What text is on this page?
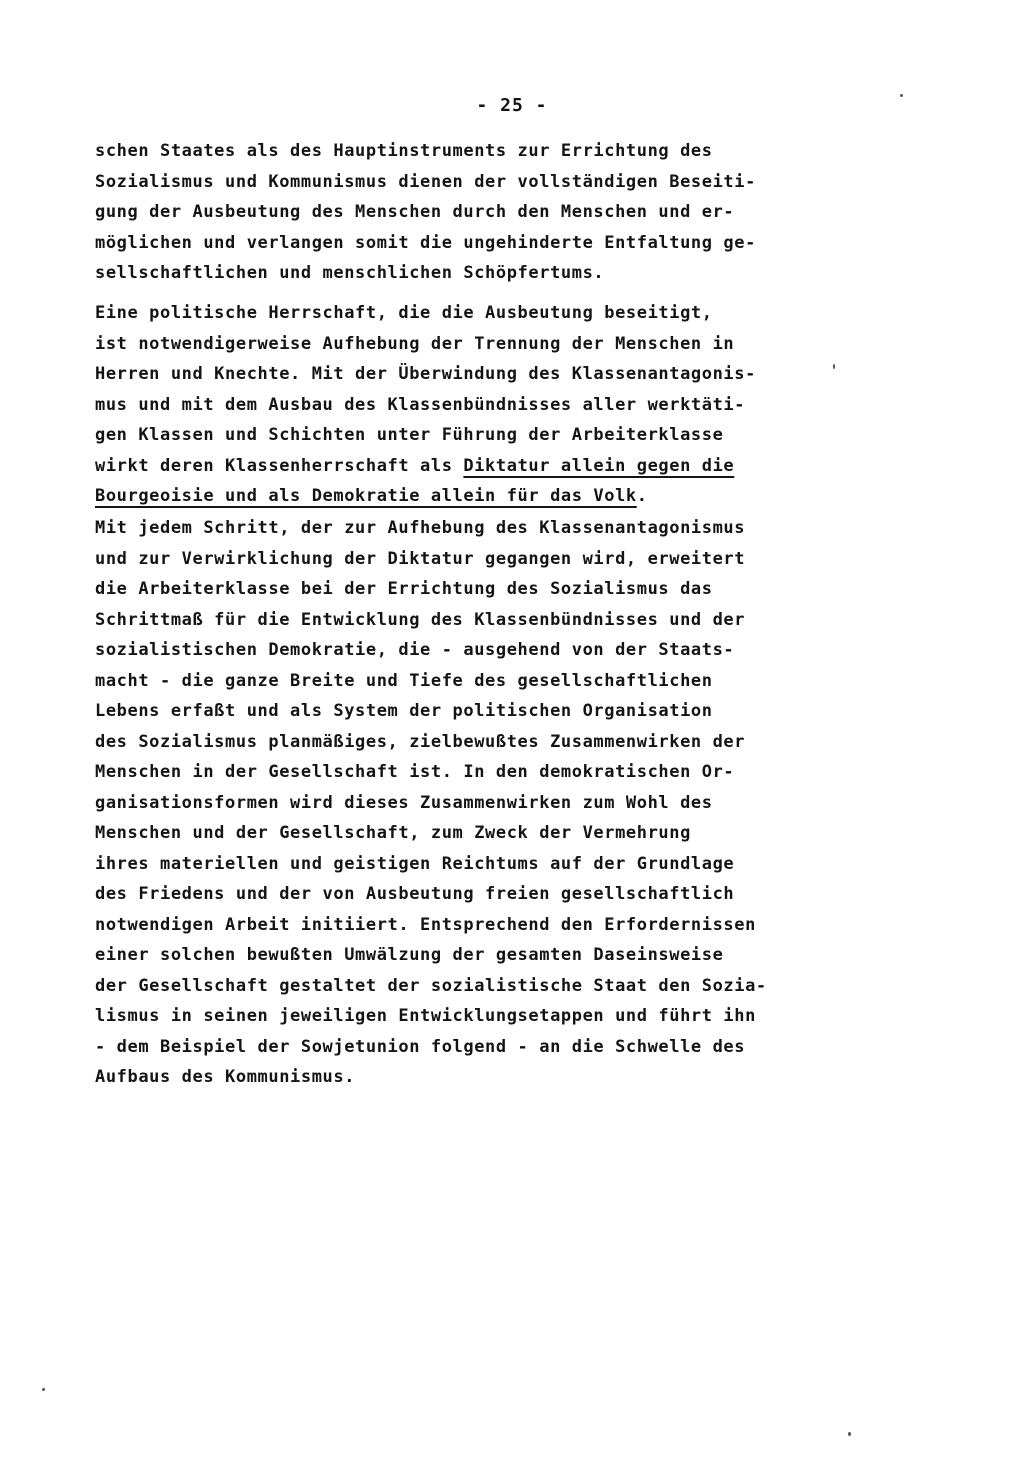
- 25 -
schen Staates als des Hauptinstruments zur Errichtung des
Sozialismus und Kommunismus dienen der vollständigen Beseiti-
gung der Ausbeutung des Menschen durch den Menschen und er-
möglichen und verlangen somit die ungehinderte Entfaltung ge-
sellschaftlichen und menschlichen Schöpfertums.
Eine politische Herrschaft, die die Ausbeutung beseitigt,
ist notwendigerweise Aufhebung der Trennung der Menschen in
Herren und Knechte. Mit der Überwindung des Klassenantagonis-
mus und mit dem Ausbau des Klassenbündnisses aller werktäti-
gen Klassen und Schichten unter Führung der Arbeiterklasse
wirkt deren Klassenherrschaft als Diktatur allein gegen die
Bourgeoisie und als Demokratie allein für das Volk.
Mit jedem Schritt, der zur Aufhebung des Klassenantagonismus
und zur Verwirklichung der Diktatur gegangen wird, erweitert
die Arbeiterklasse bei der Errichtung des Sozialismus das
Schrittmaß für die Entwicklung des Klassenbündnisses und der
sozialistischen Demokratie, die - ausgehend von der Staats-
macht - die ganze Breite und Tiefe des gesellschaftlichen
Lebens erfaßt und als System der politischen Organisation
des Sozialismus planmäßiges, zielbewußtes Zusammenwirken der
Menschen in der Gesellschaft ist. In den demokratischen Or-
ganisationsformen wird dieses Zusammenwirken zum Wohl des
Menschen und der Gesellschaft, zum Zweck der Vermehrung
ihres materiellen und geistigen Reichtums auf der Grundlage
des Friedens und der von Ausbeutung freien gesellschaftlich
notwendigen Arbeit initiiert. Entsprechend den Erfordernissen
einer solchen bewußten Umwälzung der gesamten Daseinsweise
der Gesellschaft gestaltet der sozialistische Staat den Sozia-
lismus in seinen jeweiligen Entwicklungsetappen und führt ihn
- dem Beispiel der Sowjetunion folgend - an die Schwelle des
Aufbaus des Kommunismus.
